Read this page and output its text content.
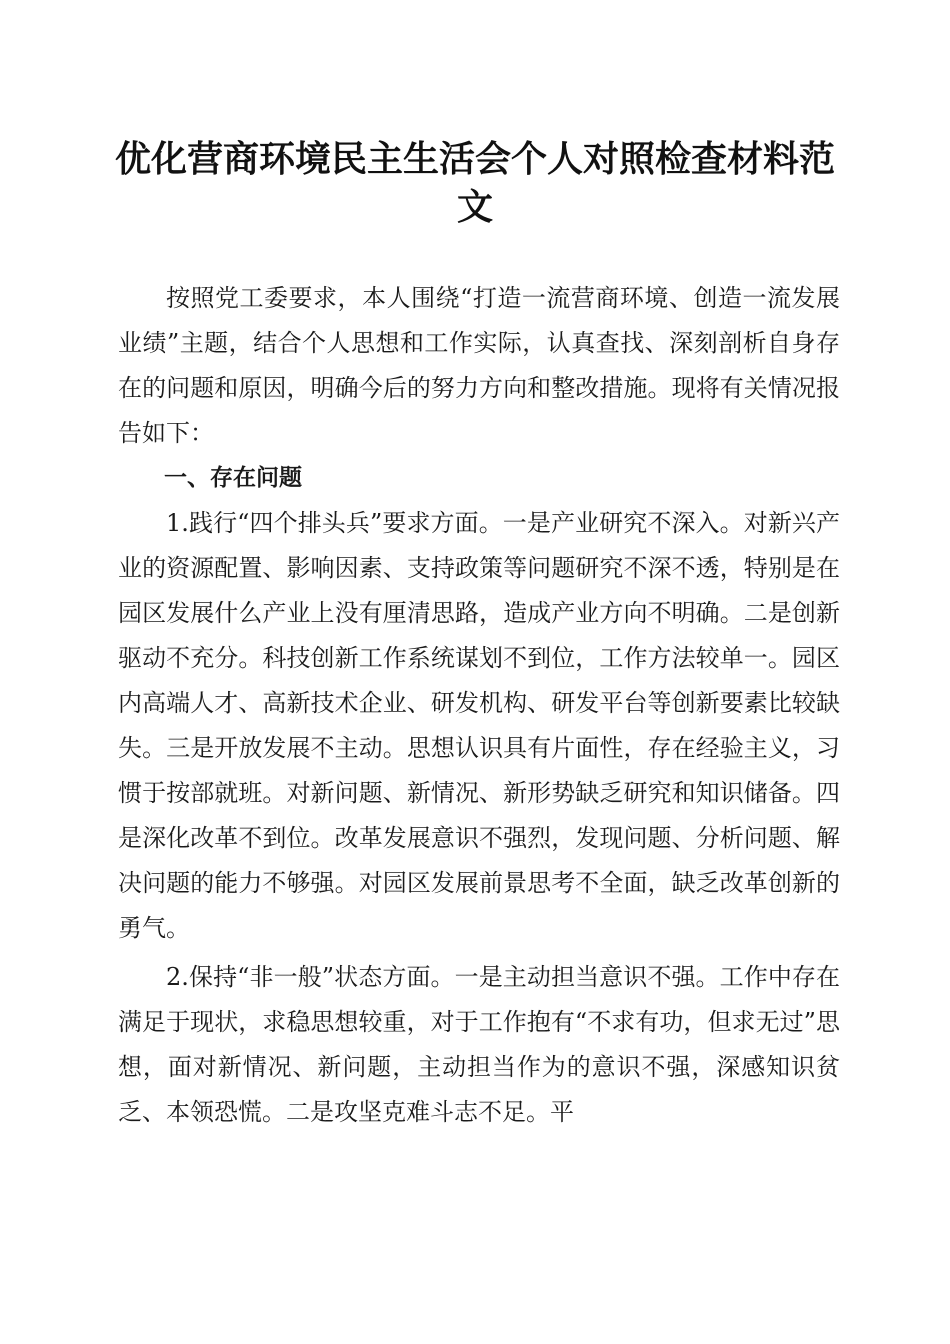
优化营商环境民主生活会个人对照检查材料范
文

按照党工委要求，本人围绕“打造一流营商环境、创造一流发展业绩”主题，结合个人思想和工作实际，认真查找、深刻剖析自身存在的问题和原因，明确今后的努力方向和整改措施。现将有关情况报告如下：

一、存在问题

1.践行“四个排头兵”要求方面。一是产业研究不深入。对新兴产业的资源配置、影响因素、支持政策等问题研究不深不透，特别是在园区发展什么产业上没有厘清思路，造成产业方向不明确。二是创新驱动不充分。科技创新工作系统谋划不到位，工作方法较单一。园区内高端人才、高新技术企业、研发机构、研发平台等创新要素比较缺失。三是开放发展不主动。思想认识具有片面性，存在经验主义，习惯于按部就班。对新问题、新情况、新形势缺乏研究和知识储备。四是深化改革不到位。改革发展意识不强烈，发现问题、分析问题、解决问题的能力不够强。对园区发展前景思考不全面，缺乏改革创新的勇气。

2.保持“非一般”状态方面。一是主动担当意识不强。工作中存在满足于现状，求稳思想较重，对于工作抱有“不求有功，但求无过”思想，面对新情况、新问题，主动担当作为的意识不强，深感知识贫乏、本领恐慌。二是攻坚克难斗志不足。平
